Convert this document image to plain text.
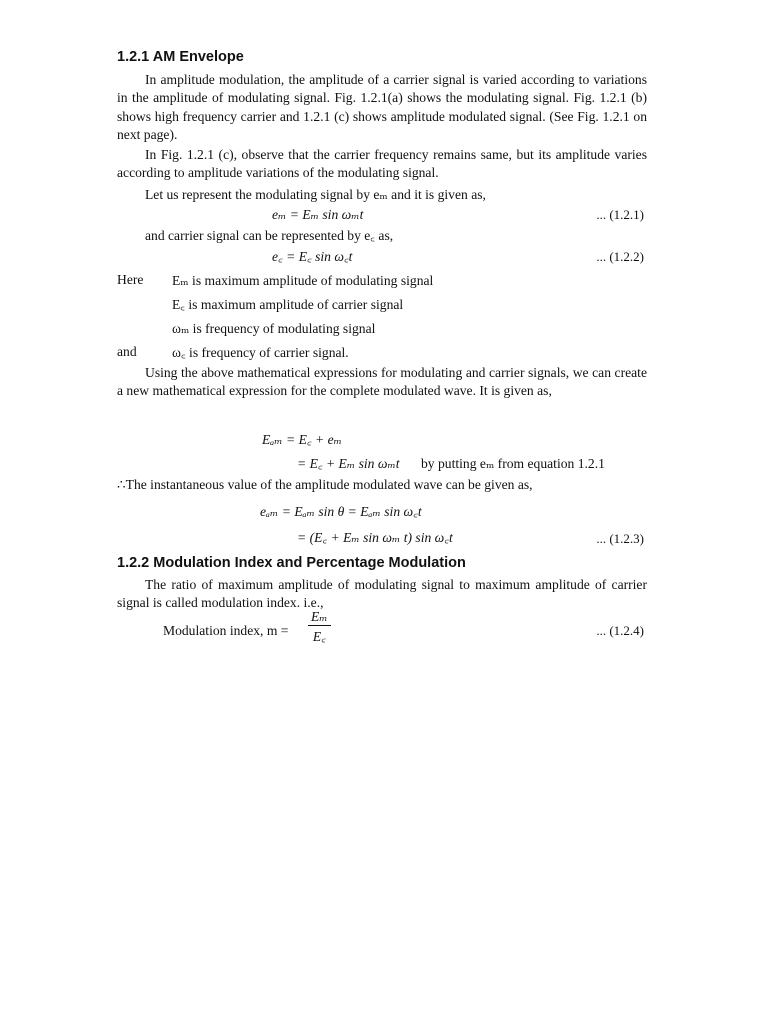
1.2.1 AM Envelope

In amplitude modulation, the amplitude of a carrier signal is varied according to variations in the amplitude of modulating signal. Fig. 1.2.1(a) shows the modulating signal. Fig. 1.2.1 (b) shows high frequency carrier and 1.2.1 (c) shows amplitude modulated signal. (See Fig. 1.2.1 on next page).

In Fig. 1.2.1 (c), observe that the carrier frequency remains same, but its amplitude varies according to amplitude variations of the modulating signal.

Let us represent the modulating signal by eₘ and it is given as,
eₘ = Eₘ sin ωₘt	... (1.2.1)
and carrier signal can be represented by e꜀ as,
e꜀ = E꜀ sin ω꜀t	... (1.2.2)
Here Eₘ is maximum amplitude of modulating signal
E꜀ is maximum amplitude of carrier signal
ωₘ is frequency of modulating signal
and	ω꜀ is frequency of carrier signal.

Using the above mathematical expressions for modulating and carrier signals, we can create a new mathematical expression for the complete modulated wave. It is given as,

Eₐₘ = E꜀ + eₘ
= E꜀ + Eₘ sin ωₘt by putting eₘ from equation 1.2.1
∴The instantaneous value of the amplitude modulated wave can be given as,
eₐₘ = Eₐₘ sin θ = Eₐₘ sin ω꜀t
= (E꜀ + Eₘ sin ωₘ t) sin ω꜀t	... (1.2.3)
1.2.2 Modulation Index and Percentage Modulation

The ratio of maximum amplitude of modulating signal to maximum amplitude of carrier signal is called modulation index. i.e.,

Modulation index, m =
Eₘ
E꜀	... (1.2.4)
